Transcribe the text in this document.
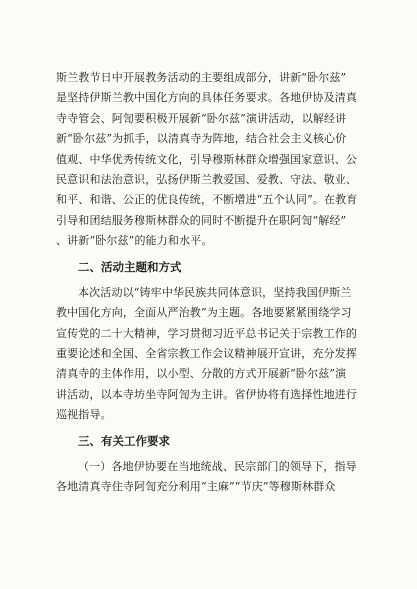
斯兰教节日中开展教务活动的主要组成部分，讲新“卧尔兹”
是坚持伊斯兰教中国化方向的具体任务要求。各地伊协及清真
寺寺管会、阿訇要积极开展新“卧尔兹”演讲活动，以解经讲
新“卧尔兹”为抓手，以清真寺为阵地，结合社会主义核心价
值观、中华优秀传统文化，引导穆斯林群众增强国家意识、公
民意识和法治意识，弘扬伊斯兰教爱国、爱教、守法、敬业、
和平、和谐、公正的优良传统，不断增进“五个认同”。在教育
引导和团结服务穆斯林群众的同时不断提升在职阿訇“解经”
、讲新“卧尔兹”的能力和水平。
二、活动主题和方式
本次活动以“铸牢中华民族共同体意识，坚持我国伊斯兰
教中国化方向，全面从严治教”为主题。各地要紧紧围绕学习
宣传党的二十大精神，学习贯彻习近平总书记关于宗教工作的
重要论述和全国、全省宗教工作会议精神展开宣讲，充分发挥
清真寺的主体作用，以小型、分散的方式开展新“卧尔兹”演
讲活动，以本寺坊坐寺阿訇为主讲。省伊协将有选择性地进行
巡视指导。
三、有关工作要求
（一）各地伊协要在当地统战、民宗部门的领导下，指导
各地清真寺住寺阿訇充分利用“主麻”“节庆”等穆斯林群众
